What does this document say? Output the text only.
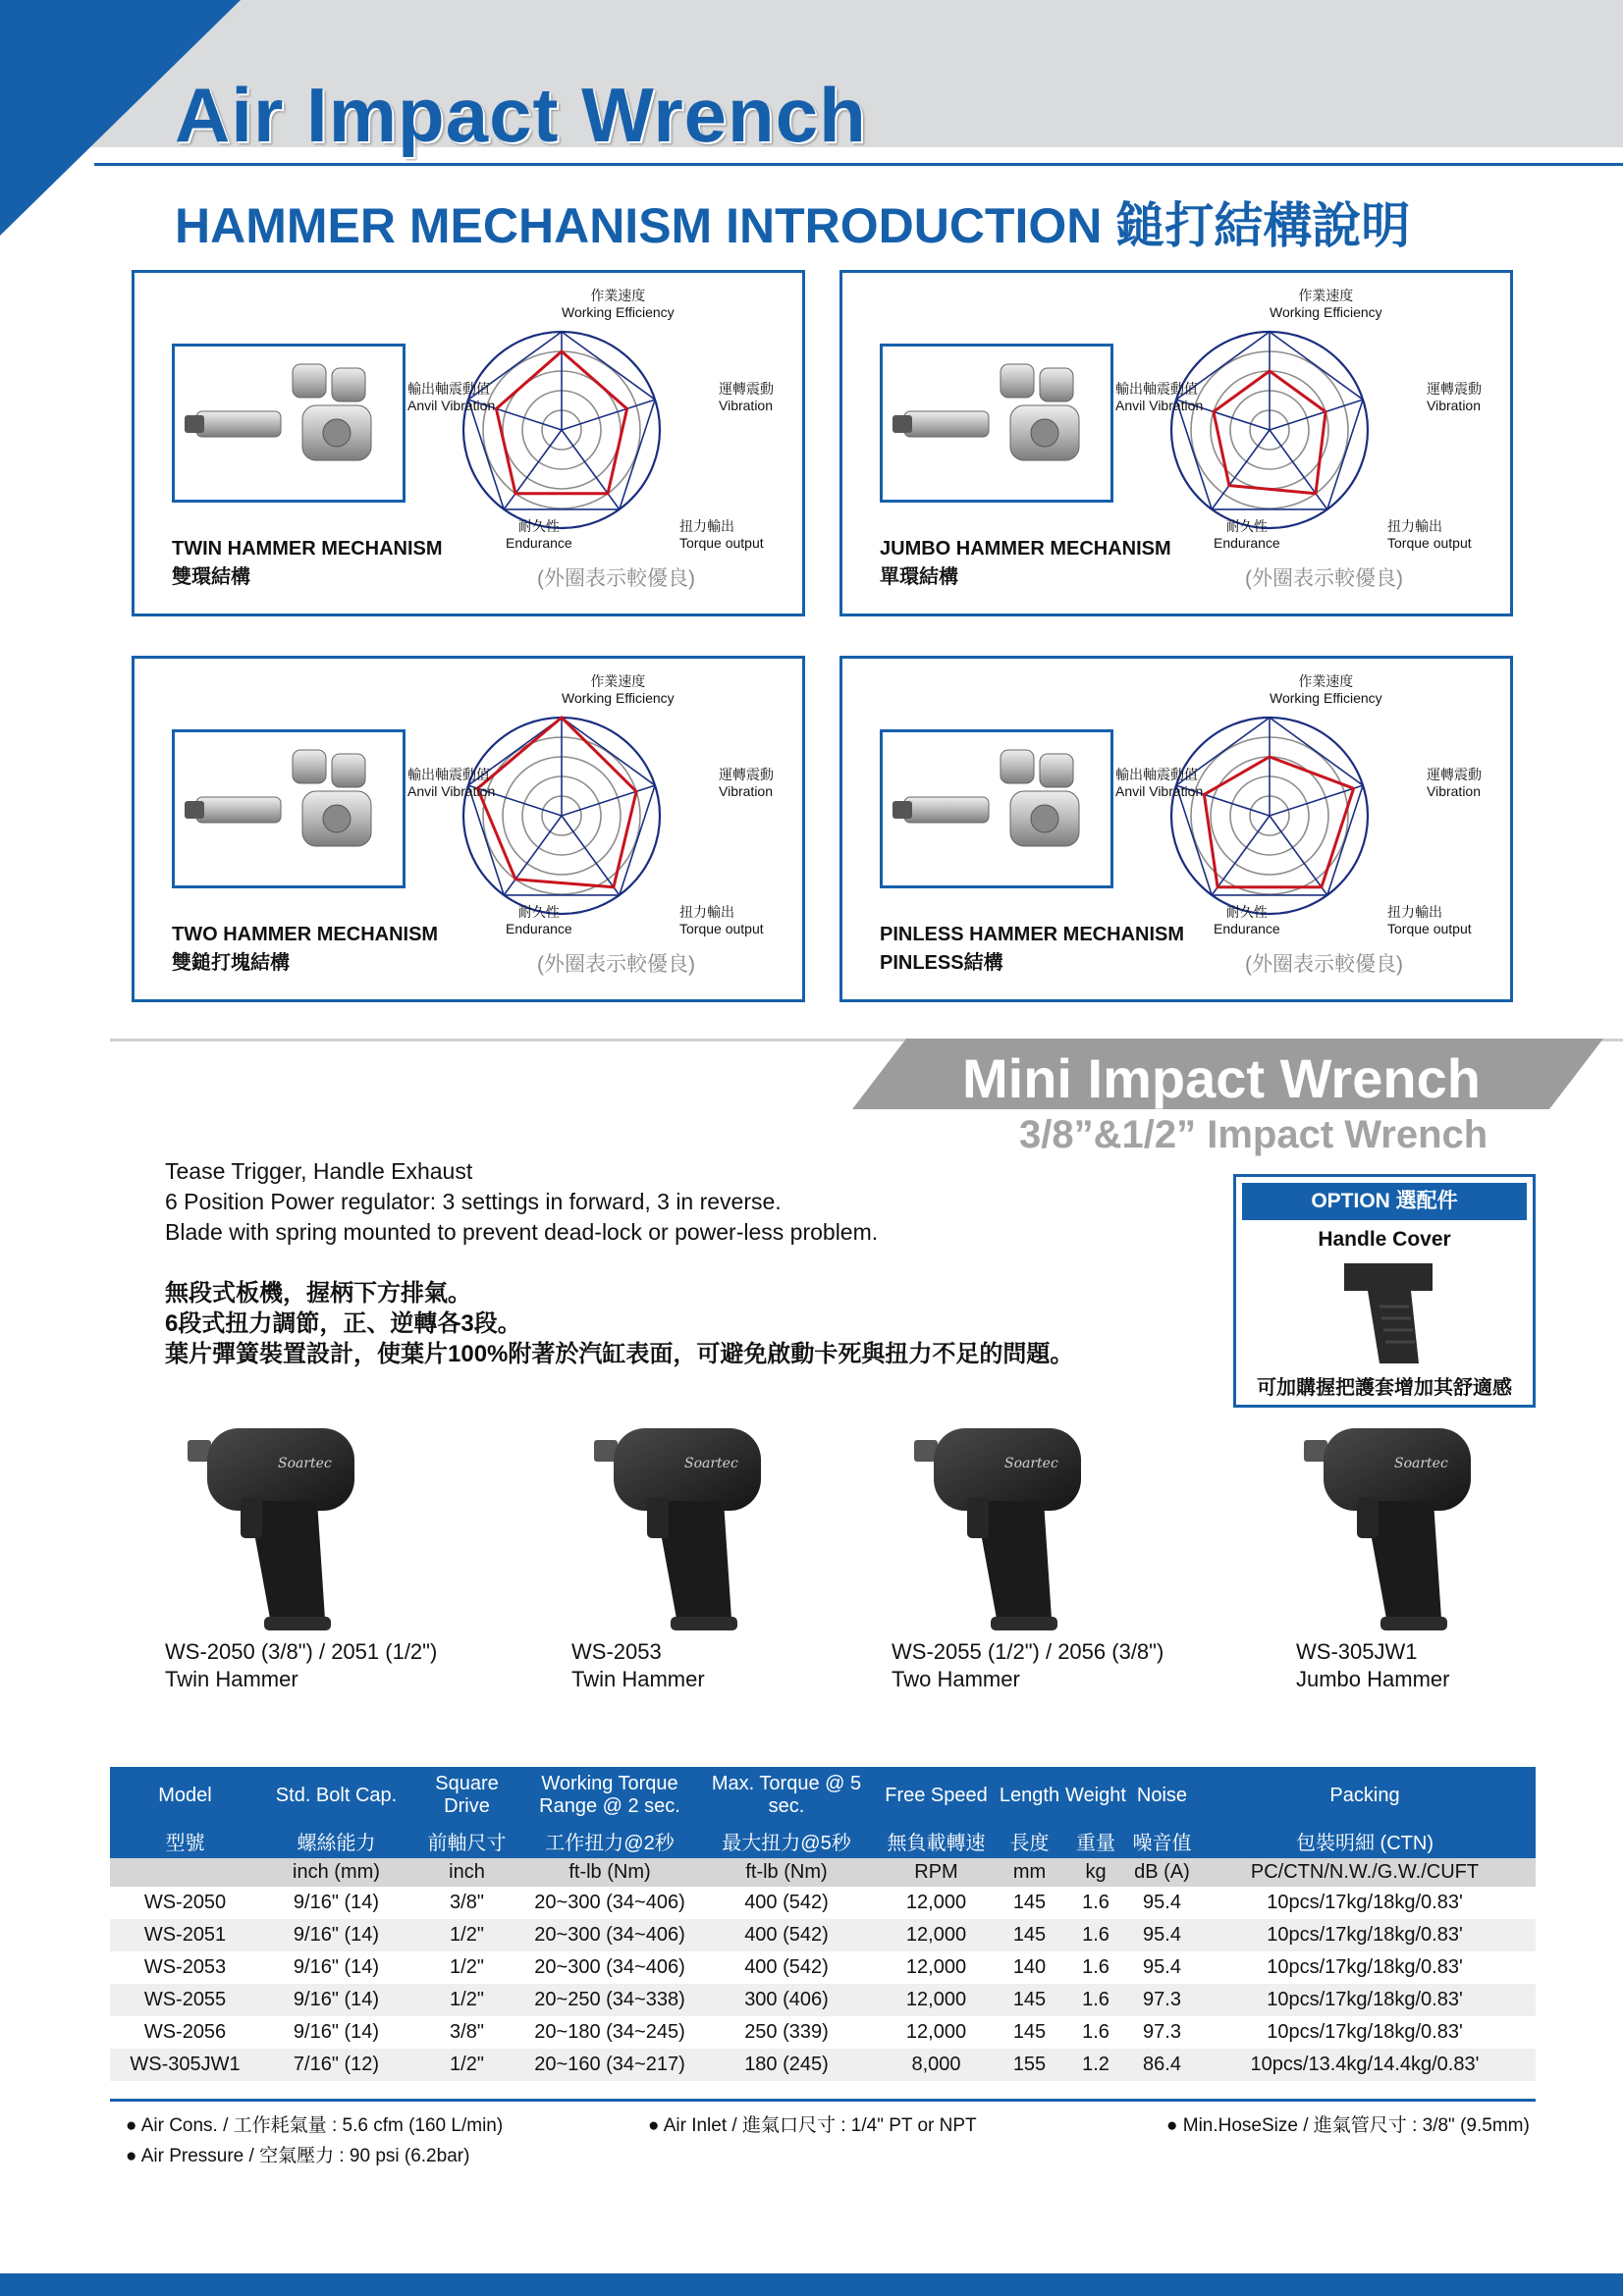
Air Impact Wrench
HAMMER MECHANISM INTRODUCTION 鎚打結構說明
TWIN HAMMER MECHANISM
雙環結構
作業速度
Working Efficiency
運轉震動
Vibration
輸出軸震動值
Anvil Vibration
耐久性
Endurance
扭力輸出
Torque output
(外圈表示較優良)
JUMBO HAMMER MECHANISM
單環結構
作業速度
Working Efficiency
運轉震動
Vibration
輸出軸震動值
Anvil Vibration
耐久性
Endurance
扭力輸出
Torque output
(外圈表示較優良)
TWO HAMMER MECHANISM
雙鎚打塊結構
作業速度
Working Efficiency
運轉震動
Vibration
輸出軸震動值
Anvil Vibration
耐久性
Endurance
扭力輸出
Torque output
(外圈表示較優良)
PINLESS HAMMER MECHANISM
PINLESS結構
作業速度
Working Efficiency
運轉震動
Vibration
輸出軸震動值
Anvil Vibration
耐久性
Endurance
扭力輸出
Torque output
(外圈表示較優良)
Mini Impact Wrench
3/8”&1/2” Impact Wrench
Tease Trigger, Handle Exhaust
6 Position Power regulator: 3 settings in forward, 3 in reverse.
Blade with spring mounted to prevent dead-lock or power-less problem.
無段式板機，握柄下方排氣。
6段式扭力調節，正、逆轉各3段。
葉片彈簧裝置設計，使葉片100%附著於汽缸表面，可避免啟動卡死與扭力不足的問題。
OPTION 選配件
Handle Cover
可加購握把護套增加其舒適感
Soartec
WS-2050 (3/8") / 2051 (1/2")
Twin Hammer
Soartec
WS-2053
Twin Hammer
Soartec
WS-2055 (1/2") / 2056 (3/8")
Two Hammer
Soartec
WS-305JW1
Jumbo Hammer
Model	Std. Bolt Cap.	Square Drive	Working Torque Range @ 2 sec.	Max. Torque @ 5 sec.	Free Speed	Length	Weight	Noise	Packing
型號	螺絲能力	前軸尺寸	工作扭力@2秒	最大扭力@5秒	無負載轉速	長度	重量	噪音值	包裝明細 (CTN)
	inch (mm)	inch	ft-lb (Nm)	ft-lb (Nm)	RPM	mm	kg	dB (A)	PC/CTN/N.W./G.W./CUFT
WS-2050	9/16" (14)	3/8"	20~300 (34~406)	400 (542)	12,000	145	1.6	95.4	10pcs/17kg/18kg/0.83'
WS-2051	9/16" (14)	1/2"	20~300 (34~406)	400 (542)	12,000	145	1.6	95.4	10pcs/17kg/18kg/0.83'
WS-2053	9/16" (14)	1/2"	20~300 (34~406)	400 (542)	12,000	140	1.6	95.4	10pcs/17kg/18kg/0.83'
WS-2055	9/16" (14)	1/2"	20~250 (34~338)	300 (406)	12,000	145	1.6	97.3	10pcs/17kg/18kg/0.83'
WS-2056	9/16" (14)	3/8"	20~180 (34~245)	250 (339)	12,000	145	1.6	97.3	10pcs/17kg/18kg/0.83'
WS-305JW1	7/16" (12)	1/2"	20~160 (34~217)	180 (245)	8,000	155	1.2	86.4	10pcs/13.4kg/14.4kg/0.83'
● Air Cons. / 工作耗氣量 : 5.6 cfm (160 L/min)	● Air Inlet / 進氣口尺寸 : 1/4" PT or NPT	● Min.HoseSize / 進氣管尺寸 : 3/8" (9.5mm)
● Air Pressure / 空氣壓力 : 90 psi (6.2bar)
